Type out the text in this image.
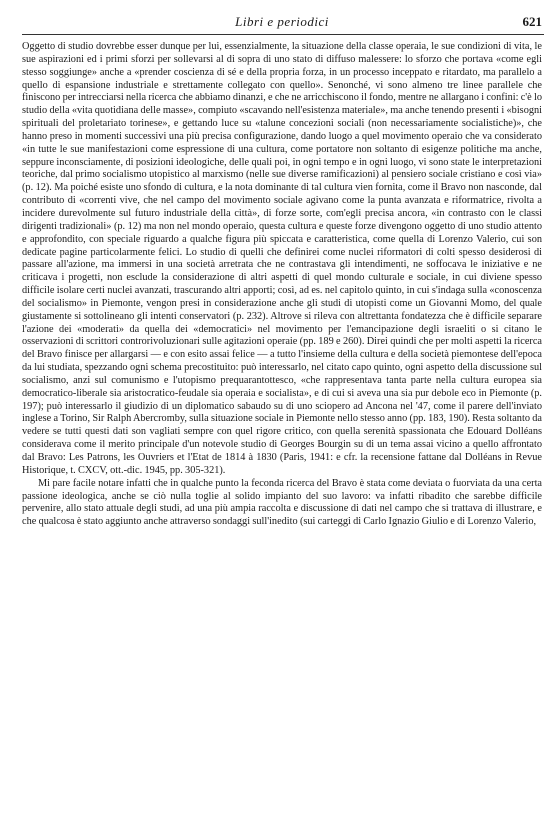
Libri e periodici	621

Oggetto di studio dovrebbe esser dunque per lui, essenzialmente, la situazione della classe operaia, le sue condizioni di vita, le sue aspirazioni ed i primi sforzi per sollevarsi al di sopra di uno stato di diffuso malessere: lo sforzo che portava «come egli stesso soggiunge» anche a «prender coscienza di sé e della propria forza, in un processo inceppato e ritardato, ma parallelo a quello di espansione industriale e strettamente collegato con quello». Senonché, vi sono almeno tre linee parallele che finiscono per intrecciarsi nella ricerca che abbiamo dinanzi, e che ne arricchiscono il fondo, mentre ne allargano i confini: c'è lo studio della «vita quotidiana delle masse», compiuto «scavando nell'esistenza materiale», ma anche tenendo presenti i «bisogni spirituali del proletariato torinese», e gettando luce su «talune concezioni sociali (non necessariamente socialistiche)», che hanno preso in momenti successivi una più precisa configurazione, dando luogo a quel movimento operaio che va considerato «in tutte le sue manifestazioni come espressione di una cultura, come portatore non soltanto di esigenze politiche ma anche, seppure inconsciamente, di posizioni ideologiche, delle quali poi, in ogni tempo e in ogni luogo, vi sono state le interpretazioni teoriche, dal primo socialismo utopistico al marxismo (nelle sue diverse ramificazioni) al pensiero sociale cristiano e così via» (p. 12). Ma poiché esiste uno sfondo di cultura, e la nota dominante di tal cultura vien fornita, come il Bravo non nasconde, dal contributo di «correnti vive, che nel campo del movimento sociale agivano come la punta avanzata e riformatrice, rivolta a incidere durevolmente sul futuro industriale della città», di forze sorte, com'egli precisa ancora, «in contrasto con le classi dirigenti tradizionali» (p. 12) ma non nel mondo operaio, questa cultura e queste forze divengono oggetto di uno studio attento e approfondito, con speciale riguardo a qualche figura più spiccata e caratteristica, come quella di Lorenzo Valerio, cui son dedicate pagine particolarmente felici. Lo studio di quelli che definirei come nuclei riformatori di colti spesso desiderosi di passare all'azione, ma immersi in una società arretrata che ne contrastava gli intendimenti, ne soffocava le iniziative e ne criticava i progetti, non esclude la considerazione di altri aspetti di quel mondo culturale e sociale, in cui diviene spesso difficile isolare certi nuclei avanzati, trascurando altri apporti; così, ad es. nel capitolo quinto, in cui s'indaga sulla «conoscenza del socialismo» in Piemonte, vengon presi in considerazione anche gli studi di utopisti come un Giovanni Momo, del quale giustamente si sottolineano gli intenti conservatori (p. 232). Altrove si rileva con altrettanta fondatezza che è difficile separare l'azione dei «moderati» da quella dei «democratici» nel movimento per l'emancipazione degli israeliti o si citano le osservazioni di scrittori controrivoluzionari sulle agitazioni operaie (pp. 189 e 260). Direi quindi che per molti aspetti la ricerca del Bravo finisce per allargarsi — e con esito assai felice — a tutto l'insieme della cultura e della società piemontese dell'epoca da lui studiata, spezzando ogni schema precostituito: può interessarlo, nel citato capo quinto, ogni aspetto della discussione sul socialismo, anzi sul comunismo e l'utopismo prequarantottesco, «che rappresentava tanta parte nella cultura europea sia democratico-liberale sia aristocratico-feudale sia operaia e socialista», e di cui si aveva una sia pur debole eco in Piemonte (p. 197); può interessarlo il giudizio di un diplomatico sabaudo su di uno sciopero ad Ancona nel '47, come il parere dell'inviato inglese a Torino, Sir Ralph Abercromby, sulla situazione sociale in Piemonte nello stesso anno (pp. 183, 190). Resta soltanto da vedere se tutti questi dati son vagliati sempre con quel rigore critico, con quella serenità spassionata che Edouard Dolléans considerava come il merito principale d'un notevole studio di Georges Bourgin su di un tema assai vicino a quello affrontato dal Bravo: Les Patrons, les Ouvriers et l'Etat de 1814 à 1830 (Paris, 1941: e cfr. la recensione fattane dal Dolléans in Revue Historique, t. CXCV, ott.-dic. 1945, pp. 305-321).

Mi pare facile notare infatti che in qualche punto la feconda ricerca del Bravo è stata come deviata o fuorviata da una certa passione ideologica, anche se ciò nulla toglie al solido impianto del suo lavoro: va infatti ribadito che sarebbe difficile pervenire, allo stato attuale degli studi, ad una più ampia raccolta e discussione di dati nel campo che si trattava di illustrare, e che qualcosa è stato aggiunto anche attraverso sondaggi sull'inedito (sui carteggi di Carlo Ignazio Giulio e di Lorenzo Valerio,
